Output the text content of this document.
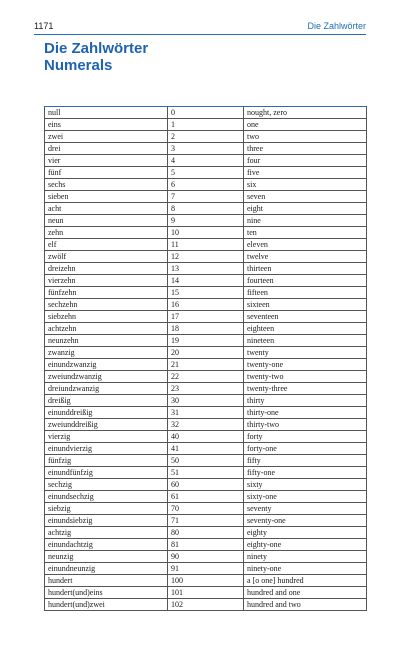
1171	Die Zahlwörter
Die Zahlwörter
Numerals
null	0	nought, zero
eins	1	one
zwei	2	two
drei	3	three
vier	4	four
fünf	5	five
sechs	6	six
sieben	7	seven
acht	8	eight
neun	9	nine
zehn	10	ten
elf	11	eleven
zwölf	12	twelve
dreizehn	13	thirteen
vierzehn	14	fourteen
fünfzehn	15	fifteen
sechzehn	16	sixteen
siebzehn	17	seventeen
achtzehn	18	eighteen
neunzehn	19	nineteen
zwanzig	20	twenty
einundzwanzig	21	twenty-one
zweiundzwanzig	22	twenty-two
dreiundzwanzig	23	twenty-three
dreißig	30	thirty
einunddreißig	31	thirty-one
zweiunddreißig	32	thirty-two
vierzig	40	forty
einundvierzig	41	forty-one
fünfzig	50	fifty
einundfünfzig	51	fifty-one
sechzig	60	sixty
einundsechzig	61	sixty-one
siebzig	70	seventy
einundsiebzig	71	seventy-one
achtzig	80	eighty
einundachtzig	81	eighty-one
neunzig	90	ninety
einundneunzig	91	ninety-one
hundert	100	a [o one] hundred
hundert(und)eins	101	hundred and one
hundert(und)zwei	102	hundred and two
